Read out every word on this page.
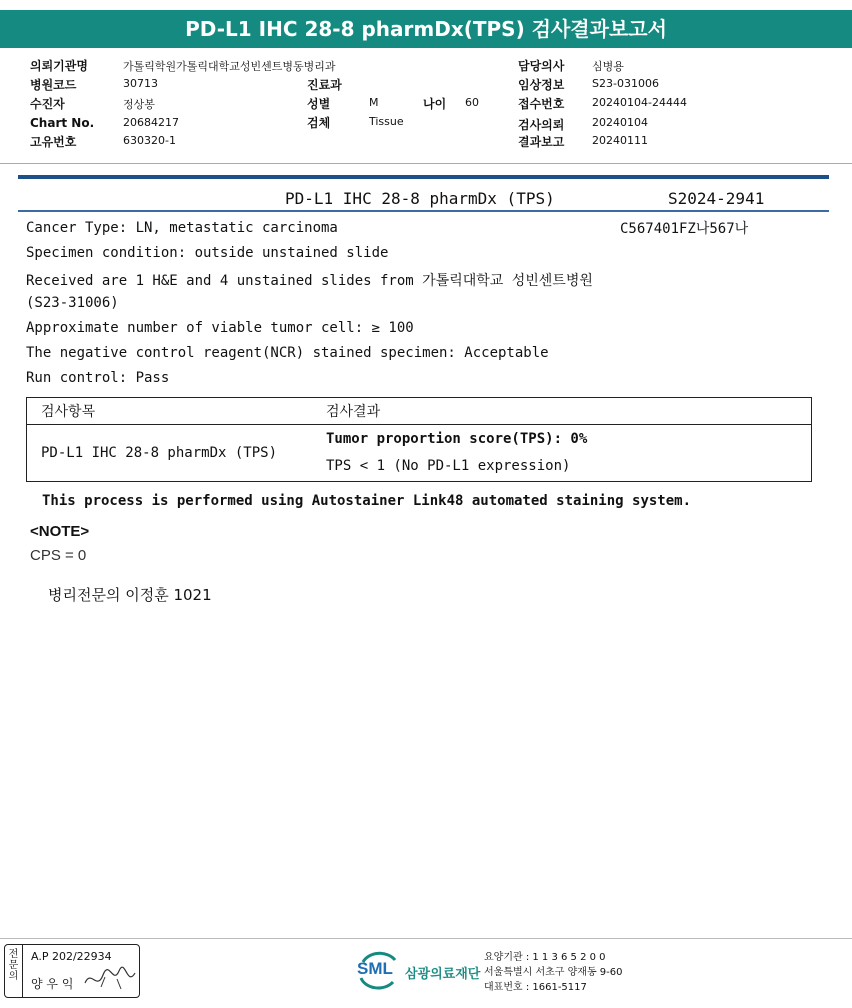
PD-L1 IHC 28-8 pharmDx(TPS) 검사결과보고서
의뢰기관명	가톨릭학원가톨릭대학교성빈센트병동병리과
병원코드	30713
수진자	정상봉
Chart No.	20684217
고유번호	630320-1
진료과
성별	M	나이 60
검체	Tissue
담당의사	심병용
임상정보	S23-031006
접수번호	20240104-24444
검사의뢰	20240104
결과보고	20240111
PD-L1 IHC 28-8 pharmDx (TPS)	S2024-2941
C567401FZ나567나
Cancer Type: LN, metastatic carcinoma
Specimen condition: outside unstained slide
Received are 1 H&E and 4 unstained slides from 가톨릭대학교 성빈센트병원
(S23-31006)
Approximate number of viable tumor cell: ≥ 100
The negative control reagent(NCR) stained specimen: Acceptable
Run control: Pass
검사항목	검사결과
PD-L1 IHC 28-8 pharmDx (TPS)	Tumor proportion score(TPS): 0%
TPS < 1 (No PD-L1 expression)
This process is performed using Autostainer Link48 automated staining system.
<NOTE>
CPS = 0
병리전문의 이정훈 1021
전문의
A.P 202/22934
양 우 익
SML 삼광의료재단
요양기관 : 1 1 3 6 5 2 0 0
서울특별시 서초구 양재동 9-60
대표번호 : 1661-5117
